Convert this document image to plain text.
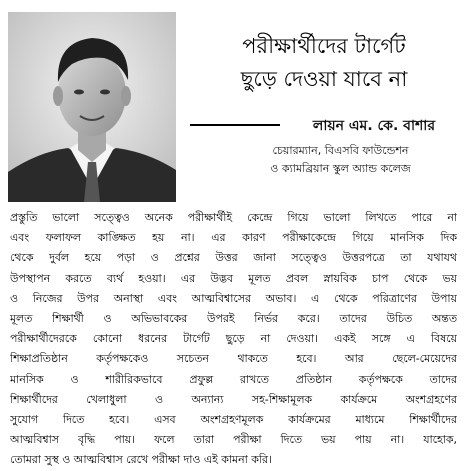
পরীক্ষার্থীদের টার্গেট
ছুড়ে দেওয়া যাবে না
লায়ন এম. কে. বাশার
চেয়ারম্যান, বিএসবি ফাউন্ডেশন
ও ক্যামব্রিয়ান স্কুল অ্যান্ড কলেজ
প্রস্তুতি ভালো সত্ত্বেও অনেক পরীক্ষার্থীই কেন্দ্রে গিয়ে ভালো লিখতে পারে না
এবং ফলাফল কাঙ্ক্ষিত হয় না। এর কারণ পরীক্ষাকেন্দ্রে গিয়ে মানসিক দিক
থেকে দুর্বল হয়ে পড়া ও প্রশ্নের উত্তর জানা সত্ত্বেও উত্তরপত্রে তা যথাযথ
উপস্থাপন করতে ব্যর্থ হওয়া। এর উদ্ভব মূলত প্রবল স্নায়বিক চাপ থেকে ভয়
ও নিজের উপর অনাস্থা এবং আত্মবিশ্বাসের অভাব। এ থেকে পরিত্রাণের উপায়
মূলত শিক্ষার্থী ও অভিভাবকের উপরই নির্ভর করে। তাদের উচিত অন্তত
পরীক্ষার্থীদেরকে কোনো ধরনের টার্গেট ছুড়ে না দেওয়া। একই সঙ্গে এ বিষয়ে
শিক্ষাপ্রতিষ্ঠান কর্তৃপক্ষকেও সচেতন থাকতে হবে। আর ছেলে-মেয়েদের
মানসিক ও শারীরিকভাবে প্রফুল্ল রাখতে প্রতিষ্ঠান কর্তৃপক্ষকে তাদের
শিক্ষার্থীদের খেলাধুলা ও অন্যান্য সহ-শিক্ষামূলক কার্যক্রমে অংশগ্রহণের
সুযোগ দিতে হবে। এসব অংশগ্রহণমূলক কার্যক্রমের মাধ্যমে শিক্ষার্থীদের
আত্মবিশ্বাস বৃদ্ধি পায়। ফলে তারা পরীক্ষা দিতে ভয় পায় না। যাহোক,
তোমরা সুস্থ ও আত্মবিশ্বাস রেখে পরীক্ষা দাও এই কামনা করি।
